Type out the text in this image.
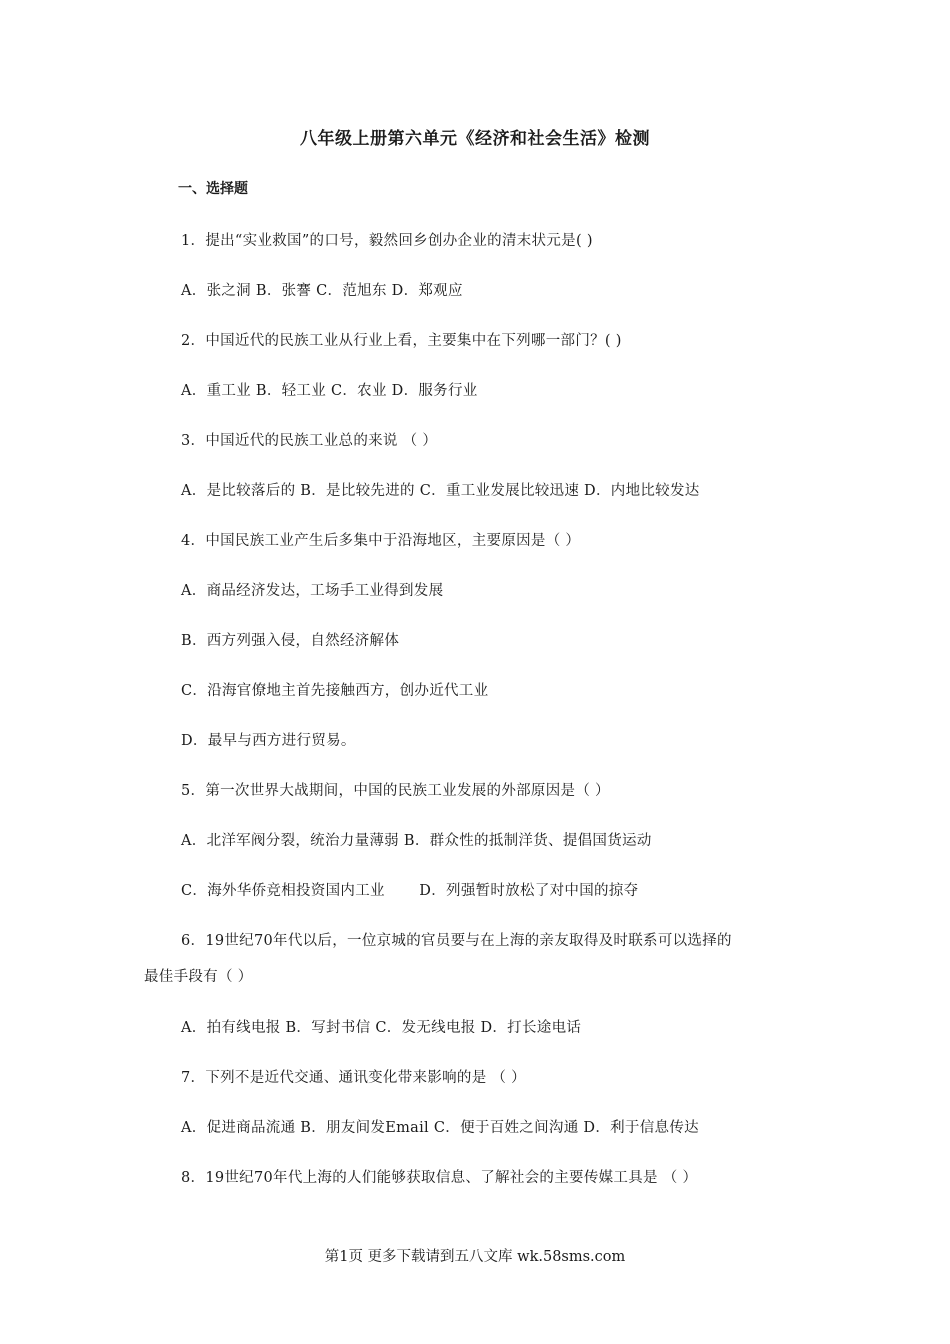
八年级上册第六单元《经济和社会生活》检测
一、选择题
1．提出“实业救国”的口号，毅然回乡创办企业的清末状元是( )
A．张之洞 B．张謇 C．范旭东 D．郑观应
2．中国近代的民族工业从行业上看，主要集中在下列哪一部门？( )
A．重工业 B．轻工业 C．农业 D．服务行业
3．中国近代的民族工业总的来说 （ ）
A．是比较落后的 B．是比较先进的 C．重工业发展比较迅速 D．内地比较发达
4．中国民族工业产生后多集中于沿海地区，主要原因是（ ）
A．商品经济发达，工场手工业得到发展
B．西方列强入侵，自然经济解体
C．沿海官僚地主首先接触西方，创办近代工业
D．最早与西方进行贸易。
5．第一次世界大战期间，中国的民族工业发展的外部原因是（ ）
A．北洋军阀分裂，统治力量薄弱 B．群众性的抵制洋货、提倡国货运动
C．海外华侨竞相投资国内工业　　 D．列强暂时放松了对中国的掠夺
6．19世纪70年代以后，一位京城的官员要与在上海的亲友取得及时联系可以选择的
最佳手段有（ ）
A．拍有线电报 B．写封书信 C．发无线电报 D．打长途电话
7．下列不是近代交通、通讯变化带来影响的是 （ ）
A．促进商品流通 B．朋友间发Email C．便于百姓之间沟通 D．利于信息传达
8．19世纪70年代上海的人们能够获取信息、了解社会的主要传媒工具是 （ ）
第1页 更多下载请到五八文库 wk.58sms.com
